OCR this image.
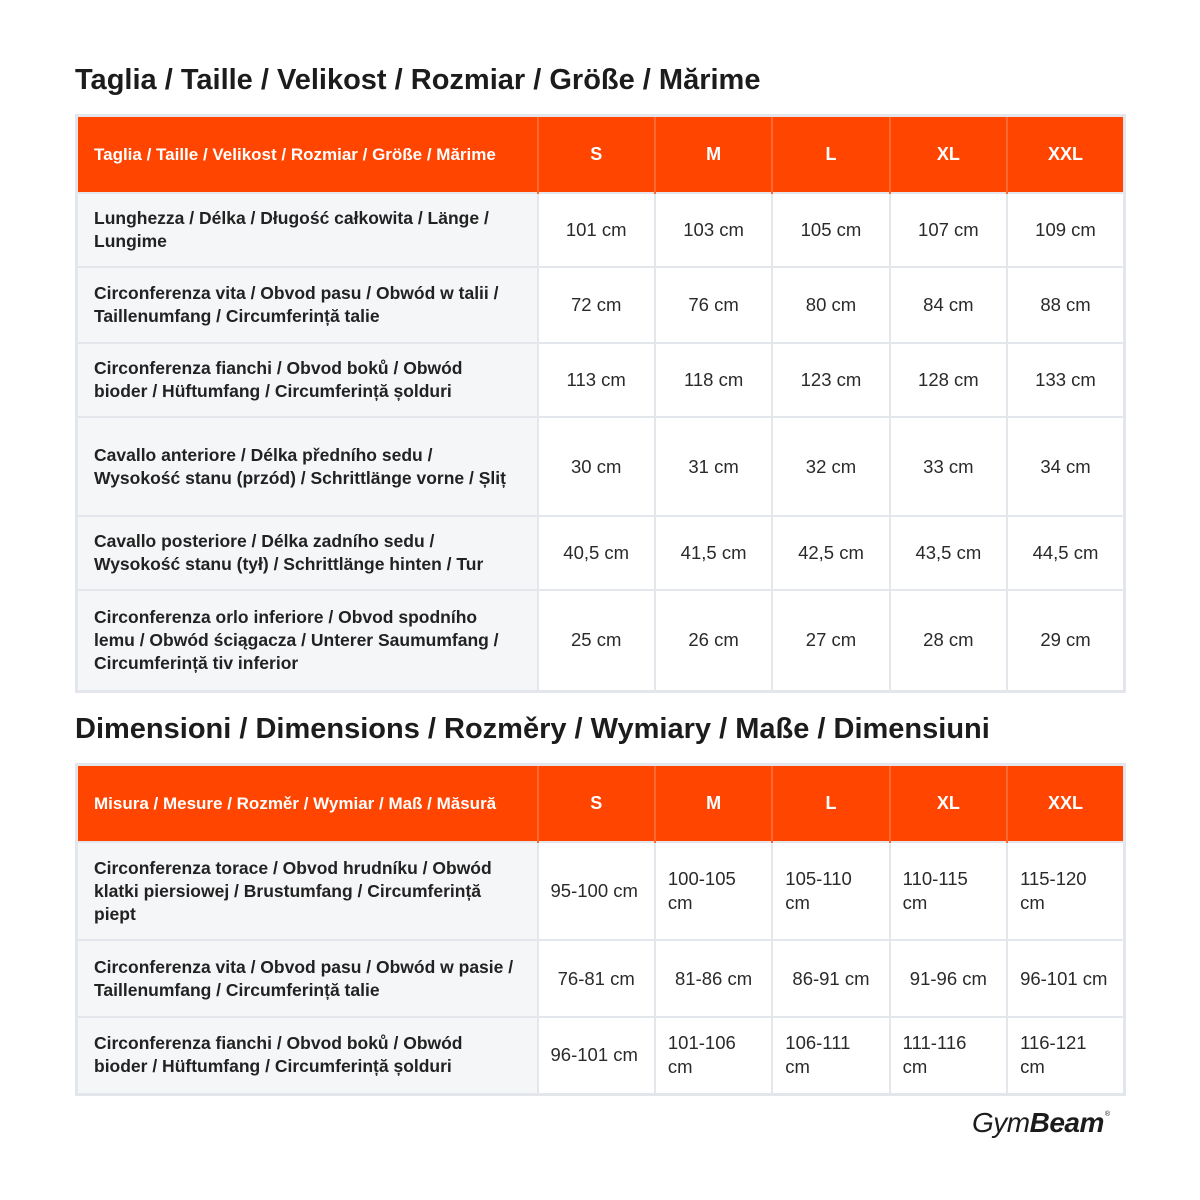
Taglia / Taille / Velikost / Rozmiar / Größe / Mărime
Taglia / Taille / Velikost / Rozmiar / Größe / Mărime	S	M	L	XL	XXL
Lunghezza / Délka / Długość całkowita / Länge / Lungime	101 cm	103 cm	105 cm	107 cm	109 cm
Circonferenza vita / Obvod pasu / Obwód w talii / Taillenumfang / Circumferință talie	72 cm	76 cm	80 cm	84 cm	88 cm
Circonferenza fianchi / Obvod boků / Obwód bioder / Hüftumfang / Circumferință șolduri	113 cm	118 cm	123 cm	128 cm	133 cm
Cavallo anteriore / Délka předního sedu / Wysokość stanu (przód) / Schrittlänge vorne / Șliț	30 cm	31 cm	32 cm	33 cm	34 cm
Cavallo posteriore / Délka zadního sedu / Wysokość stanu (tył) / Schrittlänge hinten / Tur	40,5 cm	41,5 cm	42,5 cm	43,5 cm	44,5 cm
Circonferenza orlo inferiore / Obvod spodního lemu / Obwód ściągacza / Unterer Saumumfang / Circumferință tiv inferior	25 cm	26 cm	27 cm	28 cm	29 cm
Dimensioni / Dimensions / Rozměry / Wymiary / Maße / Dimensiuni
Misura / Mesure / Rozměr / Wymiar / Maß / Măsură	S	M	L	XL	XXL
Circonferenza torace / Obvod hrudníku / Obwód klatki piersiowej / Brustumfang / Circumferință piept	95-100 cm	100-105 cm	105-110 cm	110-115 cm	115-120 cm
Circonferenza vita / Obvod pasu / Obwód w pasie / Taillenumfang / Circumferință talie	76-81 cm	81-86 cm	86-91 cm	91-96 cm	96-101 cm
Circonferenza fianchi / Obvod boků / Obwód bioder / Hüftumfang / Circumferință șolduri	96-101 cm	101-106 cm	106-111 cm	111-116 cm	116-121 cm
GymBeam®
